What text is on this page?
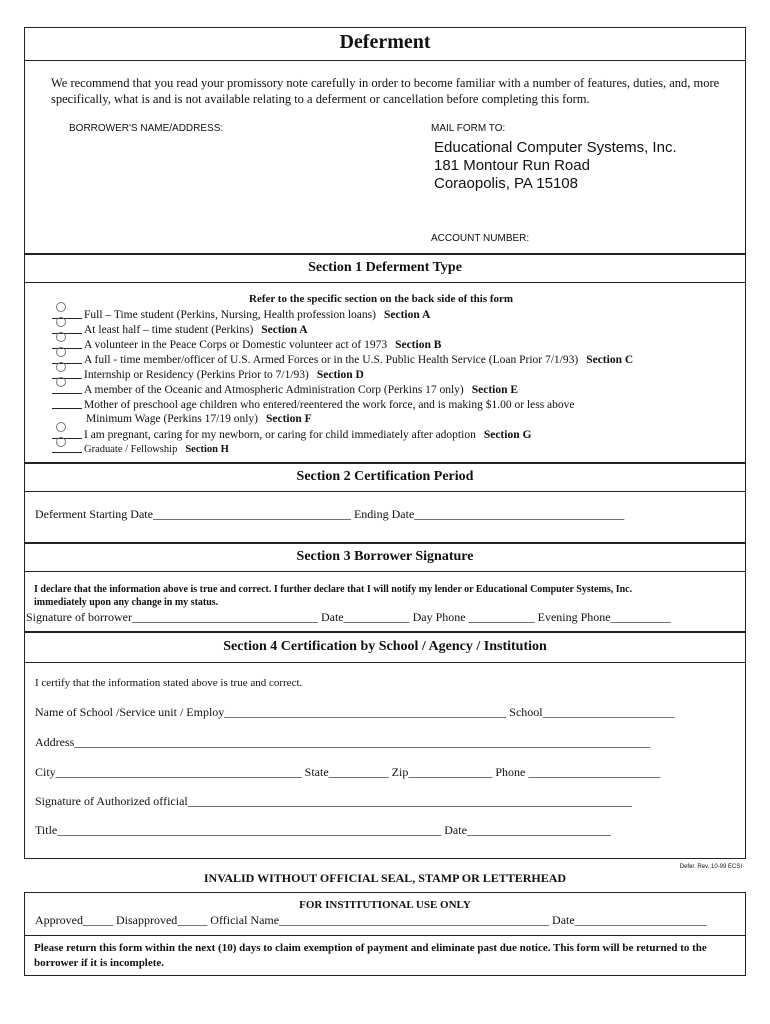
Deferment
We recommend that you read your promissory note carefully in order to become familiar with a number of features, duties, and, more specifically, what is and is not available relating to a deferment or cancellation before completing this form.
BORROWER'S NAME/ADDRESS:	MAIL FORM TO:
Educational Computer Systems, Inc.
181 Montour Run Road
Coraopolis, PA 15108
ACCOUNT NUMBER:
Section 1 Deferment Type
Refer to the specific section on the back side of this form
Full – Time student (Perkins, Nursing, Health profession loans) Section A
At least half – time student (Perkins) Section A
A volunteer in the Peace Corps or Domestic volunteer act of 1973 Section B
A full - time member/officer of U.S. Armed Forces or in the U.S. Public Health Service (Loan Prior 7/1/93) Section C
Internship or Residency (Perkins Prior to 7/1/93) Section D
A member of the Oceanic and Atmospheric Administration Corp (Perkins 17 only) Section E
Mother of preschool age children who entered/reentered the work force, and is making $1.00 or less above
I am pregnant, caring for my newborn, or caring for child immediately after adoption Section G
Graduate / Fellowship Section H
Minimum Wage (Perkins 17/19 only) Section F
Section 2 Certification Period
Deferment Starting Date_________________________________ Ending Date___________________________________
Section 3 Borrower Signature
I declare that the information above is true and correct. I further declare that I will notify my lender or Educational Computer Systems, Inc.
immediately upon any change in my status.
Signature of borrower_______________________________ Date___________ Day Phone ___________ Evening Phone__________
Section 4 Certification by School / Agency / Institution
I certify that the information stated above is true and correct.
Name of School /Service unit / Employ_______________________________________________ School______________________
Address________________________________________________________________________________________________
City_________________________________________ State__________ Zip______________ Phone ______________________
Signature of Authorized official__________________________________________________________________________
Title________________________________________________________________ Date________________________
Defer. Rev. 10-99 ECSI
INVALID WITHOUT OFFICIAL SEAL, STAMP OR LETTERHEAD
FOR INSTITUTIONAL USE ONLY
Approved_____ Disapproved_____ Official Name_____________________________________________ Date______________________
Please return this form within the next (10) days to claim exemption of payment and eliminate past due notice. This form will be returned to the borrower if it is incomplete.
